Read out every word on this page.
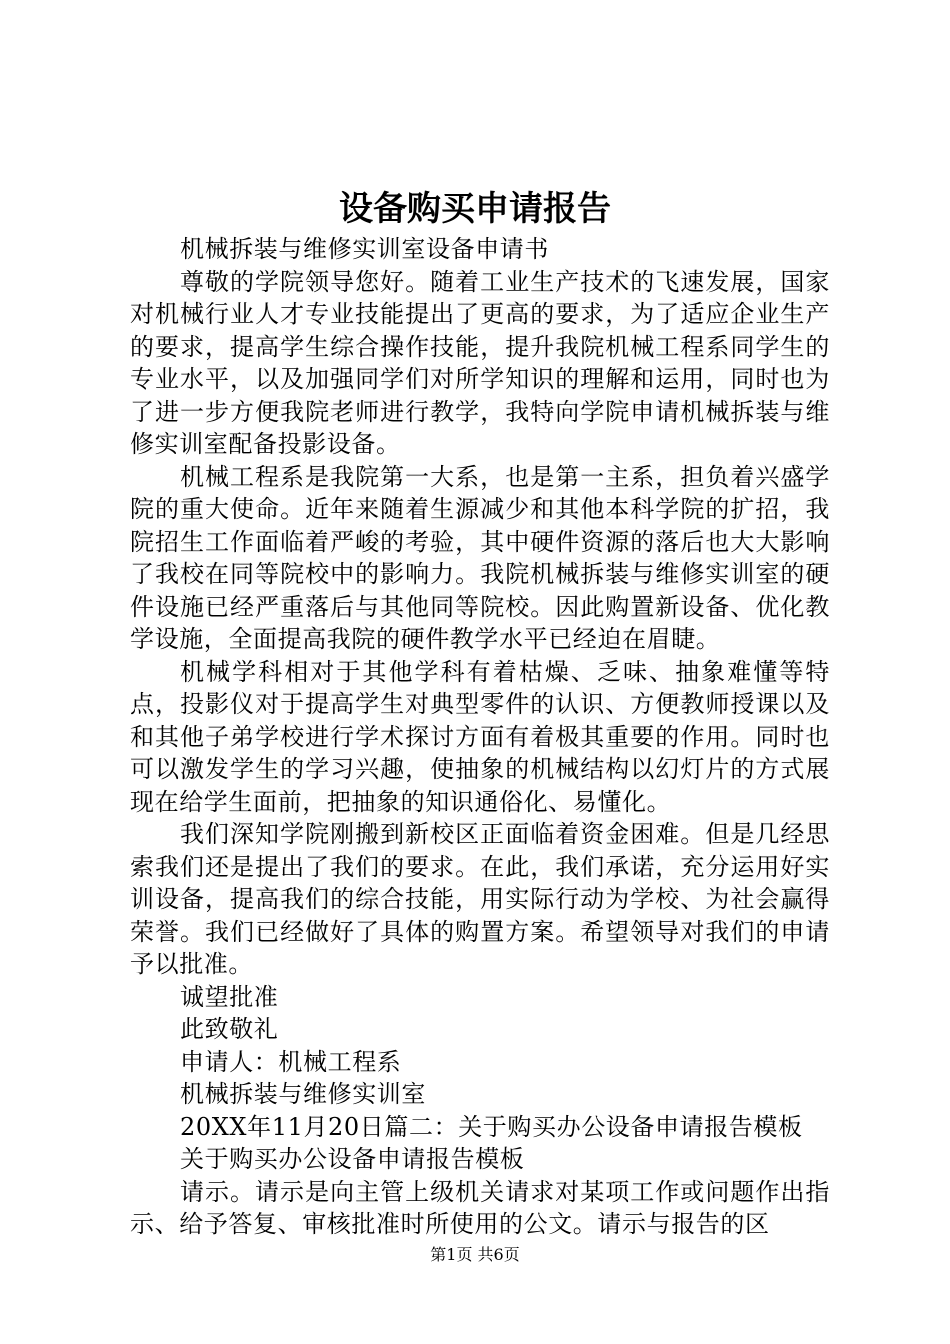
设备购买申请报告

机械拆装与维修实训室设备申请书

尊敬的学院领导您好。随着工业生产技术的飞速发展，国家对机械行业人才专业技能提出了更高的要求，为了适应企业生产的要求，提高学生综合操作技能，提升我院机械工程系同学生的专业水平，以及加强同学们对所学知识的理解和运用，同时也为了进一步方便我院老师进行教学，我特向学院申请机械拆装与维修实训室配备投影设备。

机械工程系是我院第一大系，也是第一主系，担负着兴盛学院的重大使命。近年来随着生源减少和其他本科学院的扩招，我院招生工作面临着严峻的考验，其中硬件资源的落后也大大影响了我校在同等院校中的影响力。我院机械拆装与维修实训室的硬件设施已经严重落后与其他同等院校。因此购置新设备、优化教学设施，全面提高我院的硬件教学水平已经迫在眉睫。

机械学科相对于其他学科有着枯燥、乏味、抽象难懂等特点，投影仪对于提高学生对典型零件的认识、方便教师授课以及和其他子弟学校进行学术探讨方面有着极其重要的作用。同时也可以激发学生的学习兴趣，使抽象的机械结构以幻灯片的方式展现在给学生面前，把抽象的知识通俗化、易懂化。

我们深知学院刚搬到新校区正面临着资金困难。但是几经思索我们还是提出了我们的要求。在此，我们承诺，充分运用好实训设备，提高我们的综合技能，用实际行动为学校、为社会赢得荣誉。我们已经做好了具体的购置方案。希望领导对我们的申请予以批准。

诚望批准

此致敬礼

申请人：机械工程系

机械拆装与维修实训室

20XX年11月20日篇二：关于购买办公设备申请报告模板

关于购买办公设备申请报告模板

请示。请示是向主管上级机关请求对某项工作或问题作出指示、给予答复、审核批准时所使用的公文。请示与报告的区

第1页 共6页
